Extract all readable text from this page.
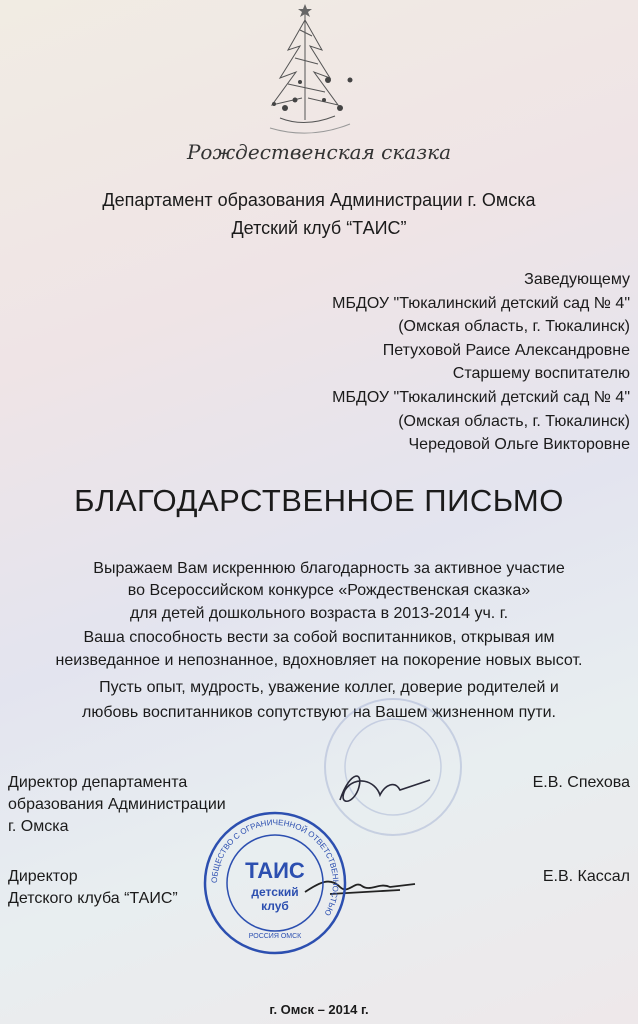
Рождественская сказка
Департамент образования Администрации г. Омска
Детский клуб “ТАИС”
Заведующему
МБДОУ "Тюкалинский детский сад № 4"
(Омская область, г. Тюкалинск)
Петуховой Раисе Александровне
Старшему воспитателю
МБДОУ "Тюкалинский детский сад № 4"
(Омская область, г. Тюкалинск)
Чередовой Ольге Викторовне
БЛАГОДАРСТВЕННОЕ ПИСЬМО
Выражаем Вам искреннюю благодарность за активное участие
во Всероссийском конкурсе «Рождественская сказка»
для детей дошкольного возраста в 2013-2014 уч. г.
Ваша способность вести за собой воспитанников, открывая им
неизведанное и непознанное, вдохновляет на покорение новых высот.
Пусть опыт, мудрость, уважение коллег, доверие родителей и
любовь воспитанников сопутствуют на Вашем жизненном пути.
Директор департамента
образования Администрации
г. Омска
Е.В. Спехова
Директор
Детского клуба “ТАИС”
Е.В. Кассал
ОБЩЕСТВО С ОГРАНИЧЕННОЙ ОТВЕТСТВЕННОСТЬЮ
РОССИЯ ОМСК
ТАИС
детский
клуб
г. Омск – 2014 г.
